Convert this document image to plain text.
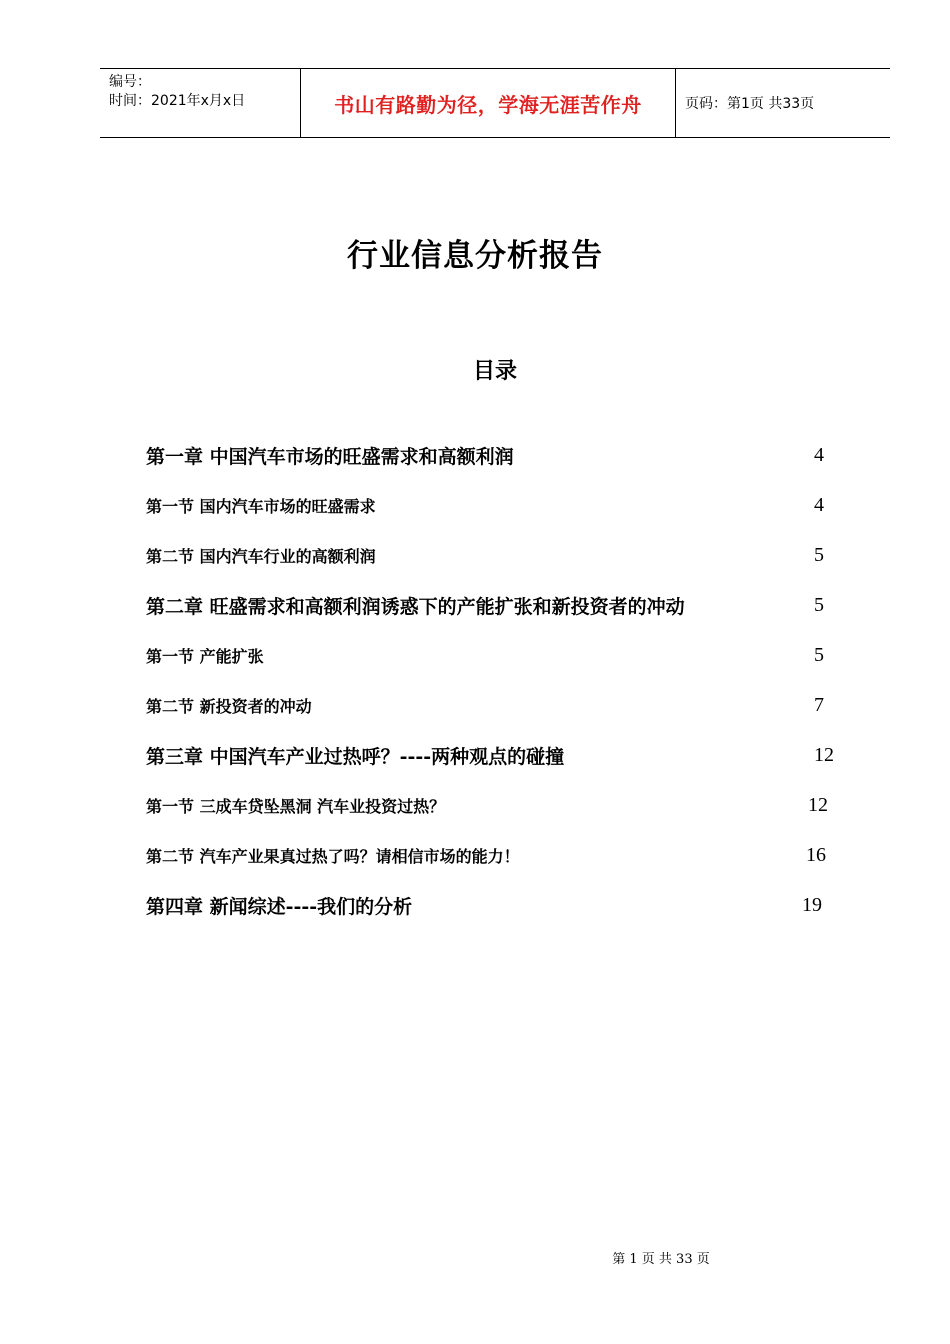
编号：
时间：2021年x月x日	书山有路勤为径，学海无涯苦作舟	页码：第1页 共33页
行业信息分析报告
目录
第一章 中国汽车市场的旺盛需求和高额利润	4
第一节 国内汽车市场的旺盛需求	4
第二节 国内汽车行业的高额利润	5
第二章 旺盛需求和高额利润诱惑下的产能扩张和新投资者的冲动	5
第一节 产能扩张	5
第二节 新投资者的冲动	7
第三章 中国汽车产业过热呼？----两种观点的碰撞	12
第一节 三成车贷坠黑洞 汽车业投资过热？	12
第二节 汽车产业果真过热了吗？请相信市场的能力！	16
第四章 新闻综述----我们的分析	19
第 1 页 共 33 页
